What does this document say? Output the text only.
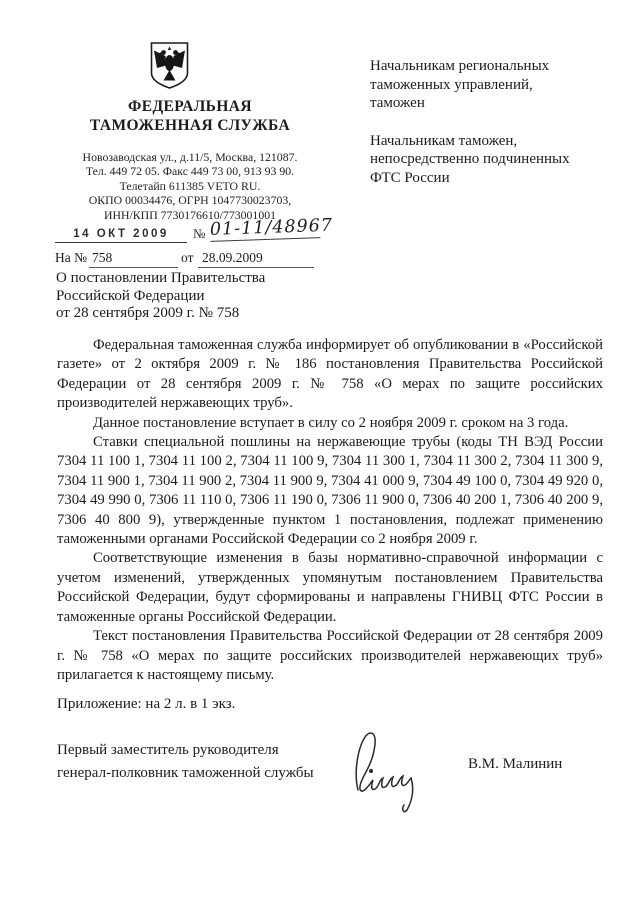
ФЕДЕРАЛЬНАЯ
ТАМОЖЕННАЯ СЛУЖБА
Новозаводская ул., д.11/5, Москва, 121087.
Тел. 449 72 05. Факс 449 73 00, 913 93 90.
Телетайп 611385 VETO RU.
ОКПО 00034476, ОГРН 1047730023703,
ИНН/КПП 7730176610/773001001
Начальникам региональных
таможенных управлений,
таможен
Начальникам таможен,
непосредственно подчиненных
ФТС России
14 ОКТ 2009	№ 01-11/48967
На № 758	от 28.09.2009
О постановлении Правительства
Российской Федерации
от 28 сентября 2009 г. № 758

Федеральная таможенная служба информирует об опубликовании в «Российской газете» от 2 октября 2009 г. № 186 постановления Правительства Российской Федерации от 28 сентября 2009 г. № 758 «О мерах по защите российских производителей нержавеющих труб».

Данное постановление вступает в силу со 2 ноября 2009 г. сроком на 3 года.

Ставки специальной пошлины на нержавеющие трубы (коды ТН ВЭД России 7304 11 100 1, 7304 11 100 2, 7304 11 100 9, 7304 11 300 1, 7304 11 300 2, 7304 11 300 9, 7304 11 900 1, 7304 11 900 2, 7304 11 900 9, 7304 41 000 9, 7304 49 100 0, 7304 49 920 0, 7304 49 990 0, 7306 11 110 0, 7306 11 190 0, 7306 11 900 0, 7306 40 200 1, 7306 40 200 9, 7306 40 800 9), утвержденные пунктом 1 постановления, подлежат применению таможенными органами Российской Федерации со 2 ноября 2009 г.

Соответствующие изменения в базы нормативно-справочной информации с учетом изменений, утвержденных упомянутым постановлением Правительства Российской Федерации, будут сформированы и направлены ГНИВЦ ФТС России в таможенные органы Российской Федерации.

Текст постановления Правительства Российской Федерации от 28 сентября 2009 г. № 758 «О мерах по защите российских производителей нержавеющих труб» прилагается к настоящему письму.

Приложение: на 2 л. в 1 экз.
Первый заместитель руководителя
генерал-полковник таможенной службы
В.М. Малинин
